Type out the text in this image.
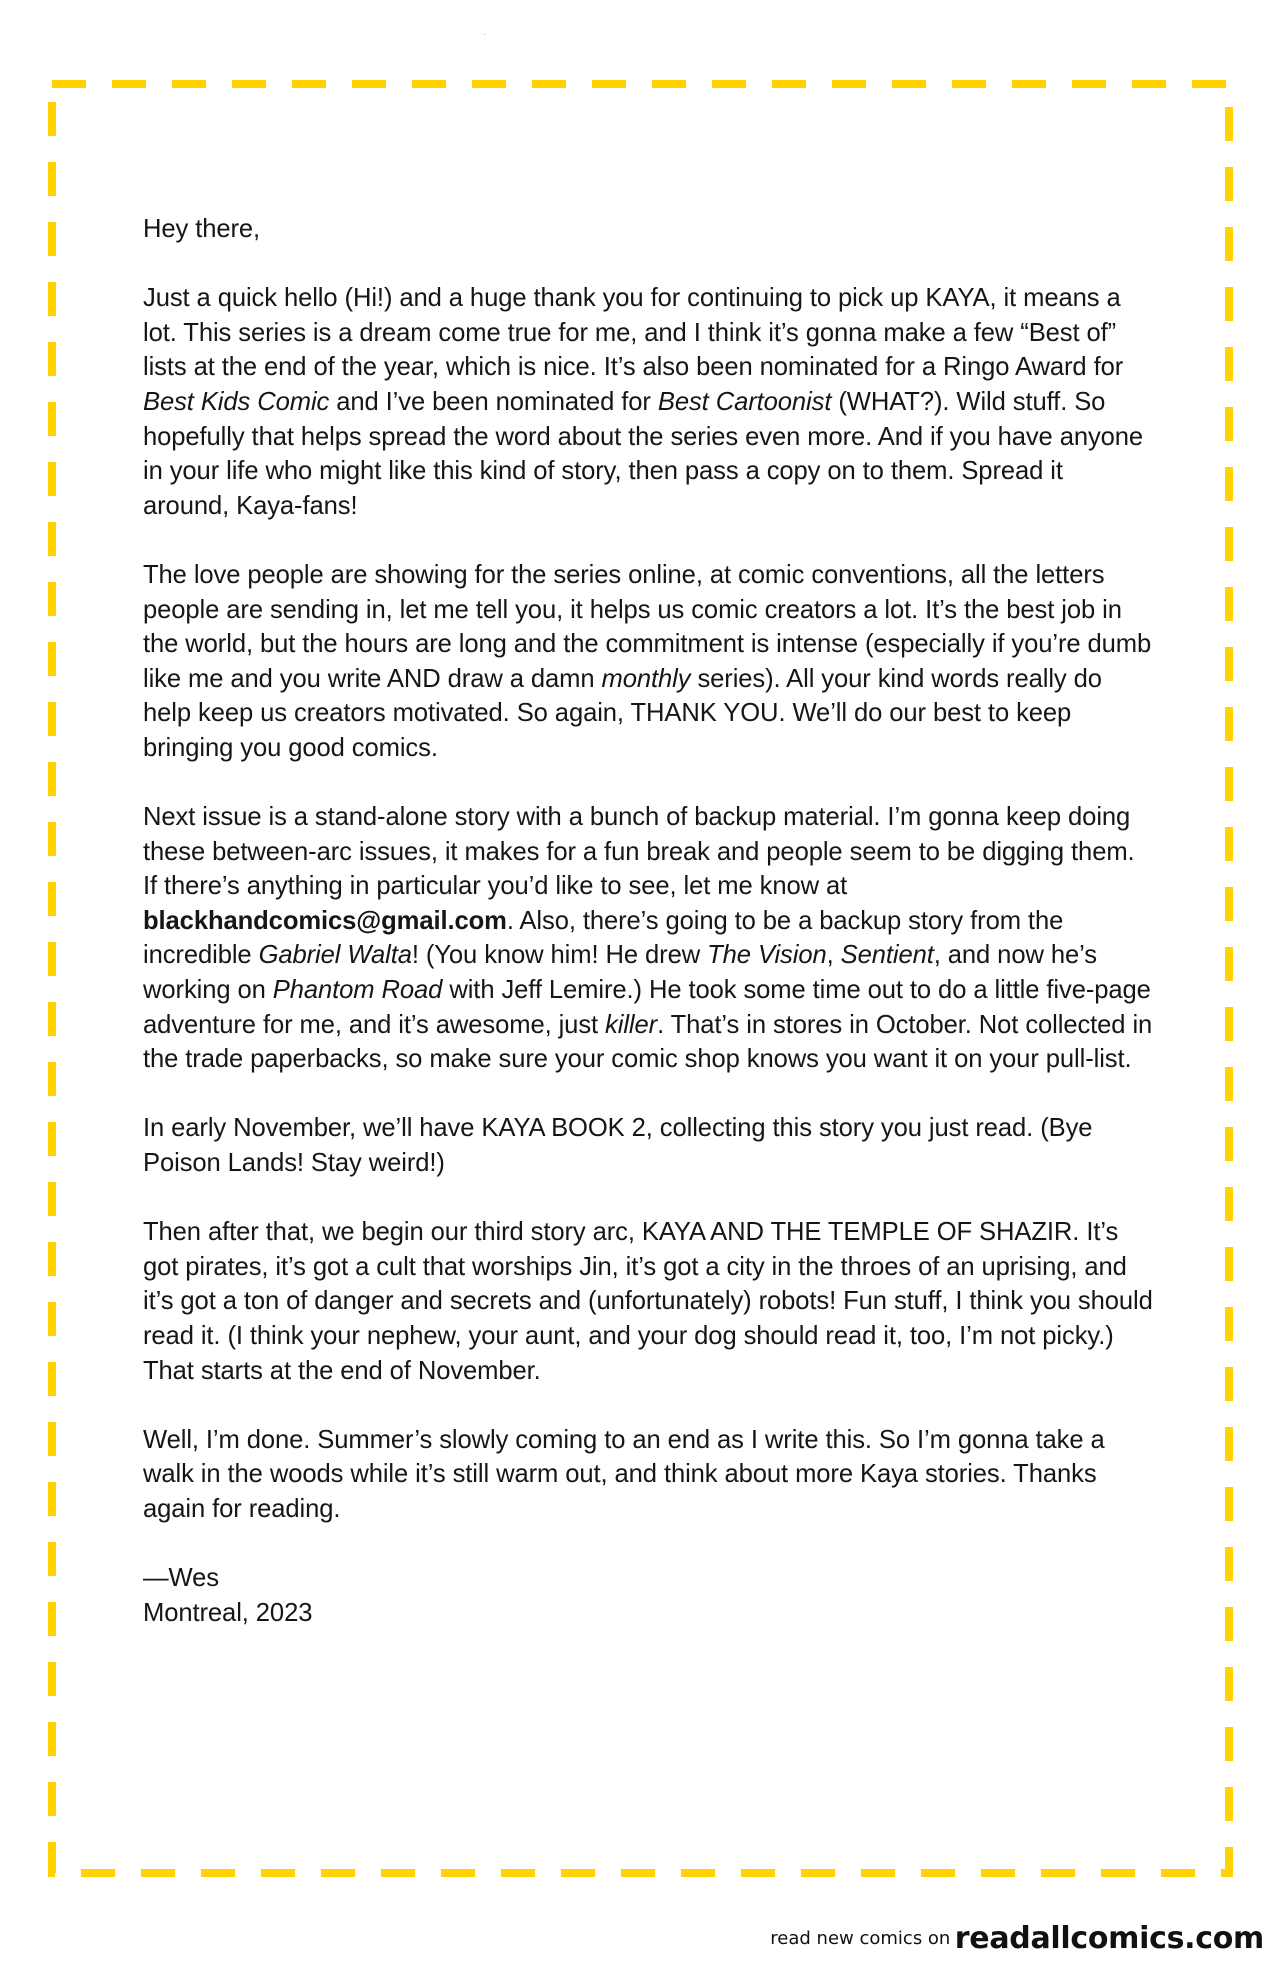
Hey there,

Just a quick hello (Hi!) and a huge thank you for continuing to pick up KAYA, it means a lot. This series is a dream come true for me, and I think it’s gonna make a few “Best of” lists at the end of the year, which is nice. It’s also been nominated for a Ringo Award for Best Kids Comic and I’ve been nominated for Best Cartoonist (WHAT?). Wild stuff. So hopefully that helps spread the word about the series even more. And if you have anyone in your life who might like this kind of story, then pass a copy on to them. Spread it around, Kaya-fans!

The love people are showing for the series online, at comic conventions, all the letters people are sending in, let me tell you, it helps us comic creators a lot. It’s the best job in the world, but the hours are long and the commitment is intense (especially if you’re dumb like me and you write AND draw a damn monthly series). All your kind words really do help keep us creators motivated. So again, THANK YOU. We’ll do our best to keep bringing you good comics.

Next issue is a stand-alone story with a bunch of backup material. I’m gonna keep doing these between-arc issues, it makes for a fun break and people seem to be digging them. If there’s anything in particular you’d like to see, let me know at blackhandcomics@gmail.com. Also, there’s going to be a backup story from the incredible Gabriel Walta! (You know him! He drew The Vision, Sentient, and now he’s working on Phantom Road with Jeff Lemire.) He took some time out to do a little five-page adventure for me, and it’s awesome, just killer. That’s in stores in October. Not collected in the trade paperbacks, so make sure your comic shop knows you want it on your pull-list.

In early November, we’ll have KAYA BOOK 2, collecting this story you just read. (Bye Poison Lands! Stay weird!)

Then after that, we begin our third story arc, KAYA AND THE TEMPLE OF SHAZIR. It’s got pirates, it’s got a cult that worships Jin, it’s got a city in the throes of an uprising, and it’s got a ton of danger and secrets and (unfortunately) robots! Fun stuff, I think you should read it. (I think your nephew, your aunt, and your dog should read it, too, I’m not picky.) That starts at the end of November.

Well, I’m done. Summer’s slowly coming to an end as I write this. So I’m gonna take a walk in the woods while it’s still warm out, and think about more Kaya stories. Thanks again for reading.

—Wes

Montreal, 2023

read new comics on readallcomics.com
